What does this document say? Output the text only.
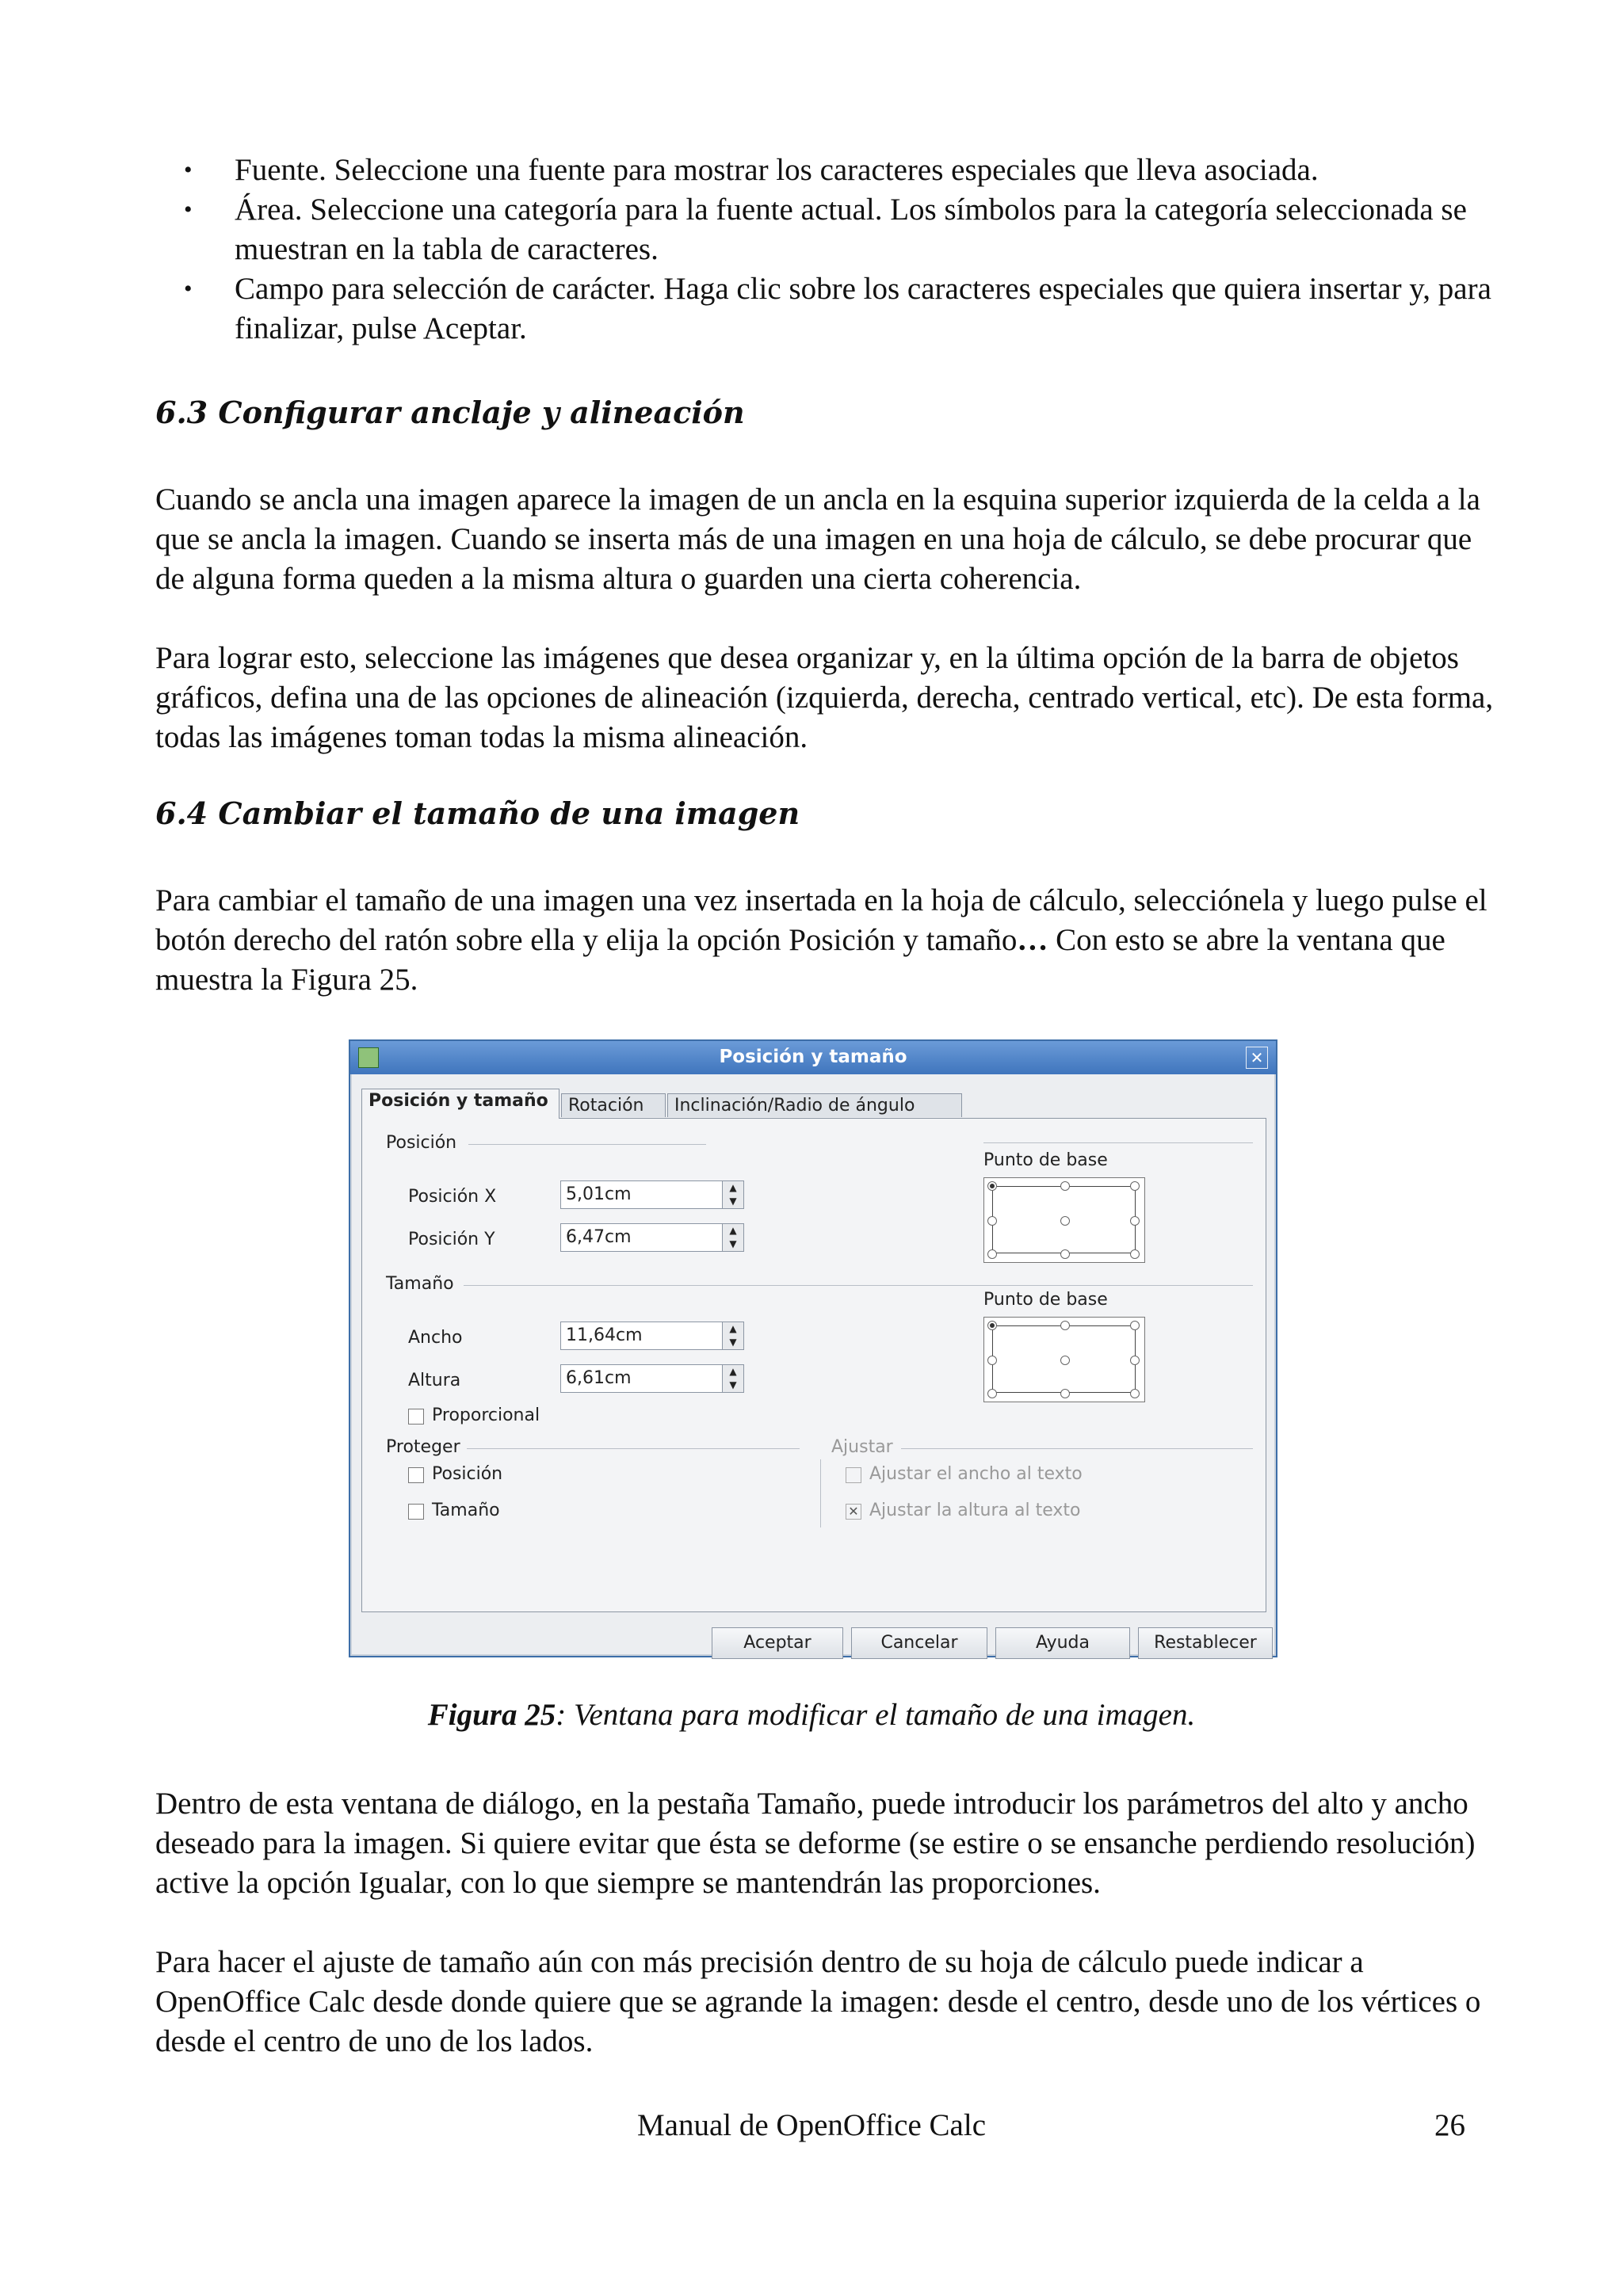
• Fuente. Seleccione una fuente para mostrar los caracteres especiales que lleva asociada.
• Área. Seleccione una categoría para la fuente actual. Los símbolos para la categoría seleccionada se muestran en la tabla de caracteres.
• Campo para selección de carácter. Haga clic sobre los caracteres especiales que quiera insertar y, para finalizar, pulse Aceptar.
6.3 Configurar anclaje y alineación

Cuando se ancla una imagen aparece la imagen de un ancla en la esquina superior izquierda de la celda a la que se ancla la imagen. Cuando se inserta más de una imagen en una hoja de cálculo, se debe procurar que de alguna forma queden a la misma altura o guarden una cierta coherencia.

Para lograr esto, seleccione las imágenes que desea organizar y, en la última opción de la barra de objetos gráficos, defina una de las opciones de alineación (izquierda, derecha, centrado vertical, etc). De esta forma, todas las imágenes toman todas la misma alineación.

6.4 Cambiar el tamaño de una imagen

Para cambiar el tamaño de una imagen una vez insertada en la hoja de cálculo, selecciónela y luego pulse el botón derecho del ratón sobre ella y elija la opción Posición y tamaño… Con esto se abre la ventana que muestra la Figura 25.

Posición y tamaño	✕
Posición y tamaño	Rotación	Inclinación/Radio de ángulo
Posición
Posición X	5,01cm	▲
▼
Posición Y	6,47cm	▲
▼
Punto de base
Tamaño
Ancho	11,64cm	▲
▼
Altura	6,61cm	▲
▼
Punto de base
Proporcional
Proteger
Posición
Tamaño
Ajustar
Ajustar el ancho al texto
✕ Ajustar la altura al texto
Aceptar	Cancelar	Ayuda	Restablecer
Figura 25: Ventana para modificar el tamaño de una imagen.

Dentro de esta ventana de diálogo, en la pestaña Tamaño, puede introducir los parámetros del alto y ancho deseado para la imagen. Si quiere evitar que ésta se deforme (se estire o se ensanche perdiendo resolución) active la opción Igualar, con lo que siempre se mantendrán las proporciones.

Para hacer el ajuste de tamaño aún con más precisión dentro de su hoja de cálculo puede indicar a OpenOffice Calc desde donde quiere que se agrande la imagen: desde el centro, desde uno de los vértices o desde el centro de uno de los lados.

Manual de OpenOffice Calc	26
